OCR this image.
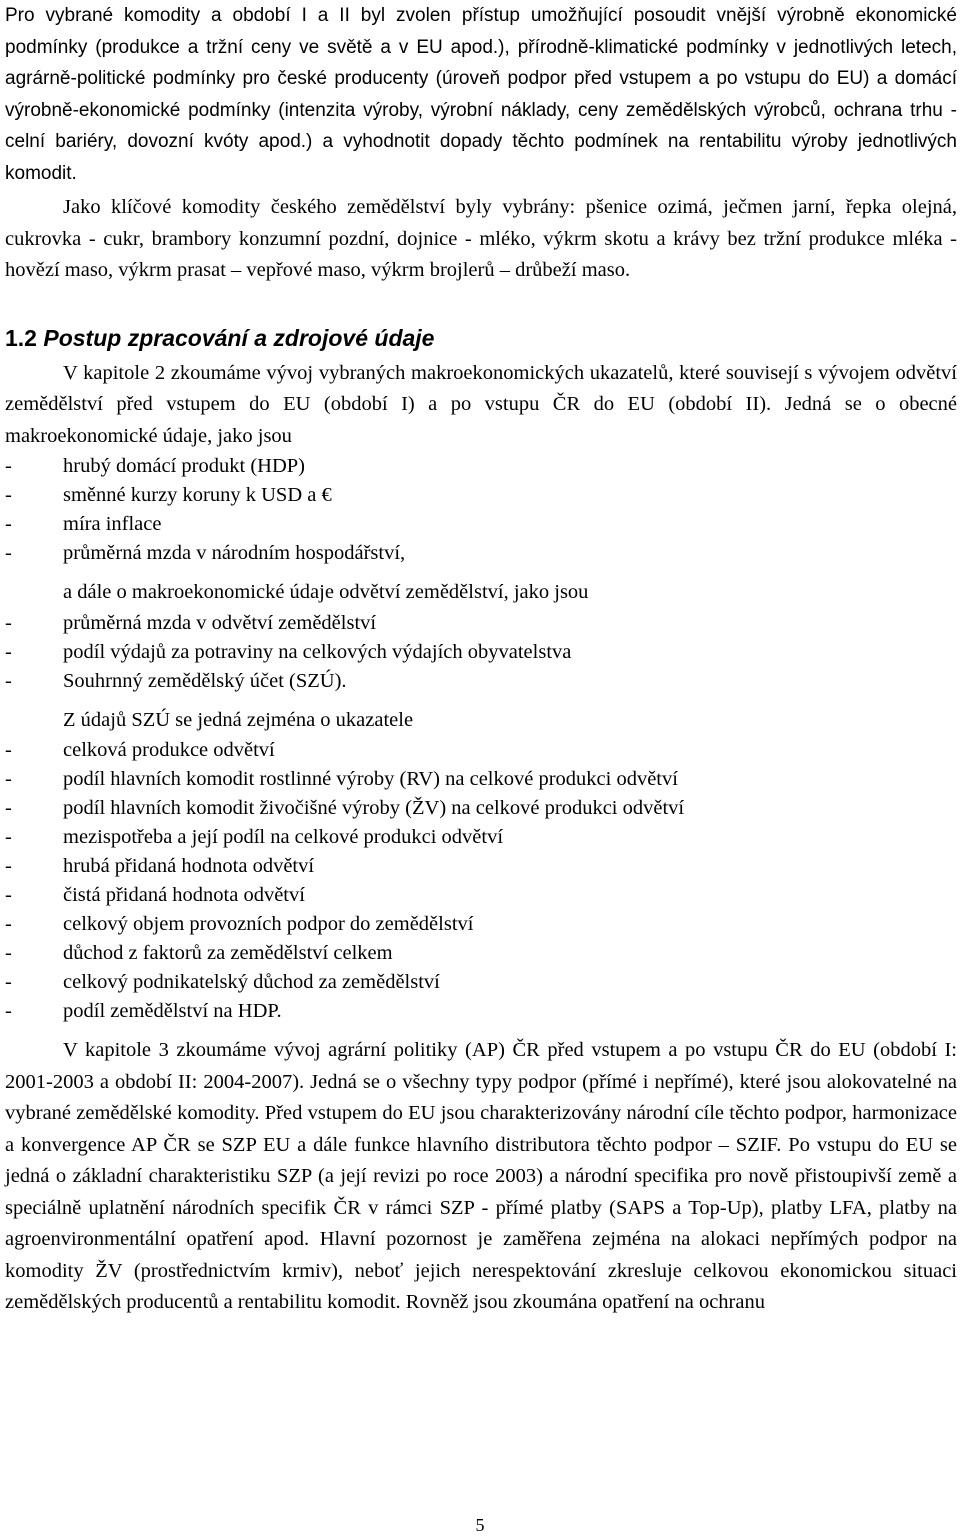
Pro vybrané komodity a období I a II byl zvolen přístup umožňující posoudit vnější výrobně ekonomické podmínky (produkce a tržní ceny ve světě a v EU apod.), přírodně-klimatické podmínky v jednotlivých letech, agrárně-politické podmínky pro české producenty (úroveň podpor před vstupem a po vstupu do EU) a domácí výrobně-ekonomické podmínky (intenzita výroby, výrobní náklady, ceny zemědělských výrobců, ochrana trhu - celní bariéry, dovozní kvóty apod.) a vyhodnotit dopady těchto podmínek na rentabilitu výroby jednotlivých komodit.

Jako klíčové komodity českého zemědělství byly vybrány: pšenice ozimá, ječmen jarní, řepka olejná, cukrovka - cukr, brambory konzumní pozdní, dojnice - mléko, výkrm skotu a krávy bez tržní produkce mléka - hovězí maso, výkrm prasat – vepřové maso, výkrm brojlerů – drůbeží maso.

1.2 Postup zpracování a zdrojové údaje

V kapitole 2 zkoumáme vývoj vybraných makroekonomických ukazatelů, které souvisejí s vývojem odvětví zemědělství před vstupem do EU (období I) a po vstupu ČR do EU (období II). Jedná se o obecné makroekonomické údaje, jako jsou

- hrubý domácí produkt (HDP)
- směnné kurzy koruny k USD a €
- míra inflace
- průměrná mzda v národním hospodářství,

a dále o makroekonomické údaje odvětví zemědělství, jako jsou

- průměrná mzda v odvětví zemědělství
- podíl výdajů za potraviny na celkových výdajích obyvatelstva
- Souhrnný zemědělský účet (SZÚ).

Z údajů SZÚ se jedná zejména o ukazatele

- celková produkce odvětví
- podíl hlavních komodit rostlinné výroby (RV) na celkové produkci odvětví
- podíl hlavních komodit živočišné výroby (ŽV) na celkové produkci odvětví
- mezispotřeba a její podíl na celkové produkci odvětví
- hrubá přidaná hodnota odvětví
- čistá přidaná hodnota odvětví
- celkový objem provozních podpor do zemědělství
- důchod z faktorů za zemědělství celkem
- celkový podnikatelský důchod za zemědělství
- podíl zemědělství na HDP.

V kapitole 3 zkoumáme vývoj agrární politiky (AP) ČR před vstupem a po vstupu ČR do EU (období I: 2001-2003 a období II: 2004-2007). Jedná se o všechny typy podpor (přímé i nepřímé), které jsou alokovatelné na vybrané zemědělské komodity. Před vstupem do EU jsou charakterizovány národní cíle těchto podpor, harmonizace a konvergence AP ČR se SZP EU a dále funkce hlavního distributora těchto podpor – SZIF. Po vstupu do EU se jedná o základní charakteristiku SZP (a její revizi po roce 2003) a národní specifika pro nově přistoupivší země a speciálně uplatnění národních specifik ČR v rámci SZP - přímé platby (SAPS a Top-Up), platby LFA, platby na agroenvironmentální opatření apod. Hlavní pozornost je zaměřena zejména na alokaci nepřímých podpor na komodity ŽV (prostřednictvím krmiv), neboť jejich nerespektování zkresluje celkovou ekonomickou situaci zemědělských producentů a rentabilitu komodit. Rovněž jsou zkoumána opatření na ochranu

5
